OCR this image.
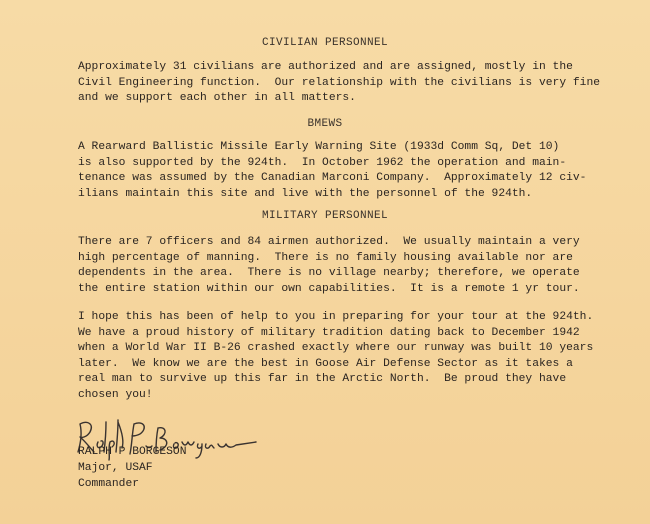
CIVILIAN PERSONNEL
Approximately 31 civilians are authorized and are assigned, mostly in the
Civil Engineering function.  Our relationship with the civilians is very fine
and we support each other in all matters.
BMEWS
A Rearward Ballistic Missile Early Warning Site (1933d Comm Sq, Det 10)
is also supported by the 924th.  In October 1962 the operation and main-
tenance was assumed by the Canadian Marconi Company.  Approximately 12 civ-
ilians maintain this site and live with the personnel of the 924th.
MILITARY PERSONNEL
There are 7 officers and 84 airmen authorized.  We usually maintain a very
high percentage of manning.  There is no family housing available nor are
dependents in the area.  There is no village nearby; therefore, we operate
the entire station within our own capabilities.  It is a remote 1 yr tour.
I hope this has been of help to you in preparing for your tour at the 924th.
We have a proud history of military tradition dating back to December 1942
when a World War II B-26 crashed exactly where our runway was built 10 years
later.  We know we are the best in Goose Air Defense Sector as it takes a
real man to survive up this far in the Arctic North.  Be proud they have
chosen you!
RALPH P BORGESON
Major, USAF
Commander
